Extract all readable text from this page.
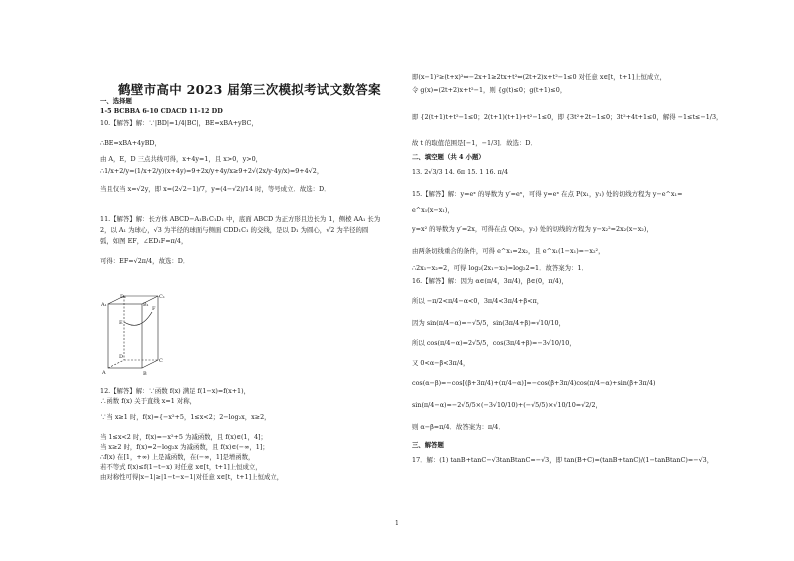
鹤壁市高中 2023 届第三次模拟考试文数答案
一、选择题
1-5 BCBBA 6-10 CDACD 11-12 DD
10.【解答】解：∵|BD|=1/4|BC|，BE=xBA+yBC，
∴BE=xBA+4yBD，
由 A，E，D 三点共线可得，x+4y=1，且 x>0，y>0，
∴1/x+2/y=(1/x+2/y)(x+4y)=9+2x/y+4y/x≥9+2√(2x/y·4y/x)=9+4√2，
当且仅当 x=√2y，即 x=(2√2−1)/7，y=(4−√2)/14 时，等号成立．故选：D．
11.【解答】解：长方体 ABCD−A₁B₁C₁D₁ 中，底面 ABCD 为正方形且边长为 1，侧棱 AA₁ 长为
2，以 A₁ 为球心，√3 为半径的球面与侧面 CDD₁C₁ 的交线，是以 D₁ 为圆心，√2 为半径的圆
弧，如图 EF，∠ED₁F=π/4，
可得：EF=√2π/4，故选：D．
12.【解答】解：∵函数 f(x) 满足 f(1−x)=f(x+1)，
∴函数 f(x) 关于直线 x=1 对称，
∵当 x≥1 时，f(x)={−x²+5，1≤x<2；2−log₂x，x≥2，
当 1≤x<2 时，f(x)=−x²+5 为减函数，且 f(x)∈(1，4]；
当 x≥2 时，f(x)=2−log₂x 为减函数，且 f(x)∈(−∞，1]；
∴f(x) 在[1，+∞) 上是减函数，在(−∞，1]是增函数，
若不等式 f(x)≤f(1−t−x) 对任意 x∈[t，t+1]上恒成立，
由对称性可得|x−1|≥|1−t−x−1|对任意 x∈[t，t+1]上恒成立，
即(x−1)²≥(t+x)²⇔−2x+1≥2tx+t²⇔(2t+2)x+t²−1≤0 对任意 x∈[t，t+1]上恒成立，
令 g(x)=(2t+2)x+t²−1，则 {g(t)≤0；g(t+1)≤0，
即 {2(t+1)t+t²−1≤0；2(t+1)(t+1)+t²−1≤0，即 {3t²+2t−1≤0；3t²+4t+1≤0，解得 −1≤t≤−1/3，
故 t 的取值范围是[−1，−1/3]．故选：D．
二、填空题（共 4 小题）
13. 2√3/3 14. 6π 15. 1 16. π/4
15.【解答】解：y=eˣ 的导数为 y′=eˣ，可得 y=eˣ 在点 P(x₁，y₁) 处的切线方程为 y−e^x₁=
e^x₁(x−x₁)，
y=x² 的导数为 y′=2x，可得在点 Q(x₂，y₂) 处的切线的方程为 y−x₂²=2x₂(x−x₂)，
由两条切线重合的条件，可得 e^x₁=2x₂，且 e^x₁(1−x₁)=−x₂²，
∴2x₁−x₂=2，可得 log₂(2x₁−x₂)=log₂2=1．故答案为：1．
16.【解答】解：因为 α∈(π/4，3π/4)，β∈(0，π/4)，
所以 −π/2<π/4−α<0，3π/4<3π/4+β<π，
因为 sin(π/4−α)=−√5/5，sin(3π/4+β)=√10/10，
所以 cos(π/4−α)=2√5/5，cos(3π/4+β)=−3√10/10，
又 0<α−β<3π/4，
cos(α−β)=−cos[(β+3π/4)+(π/4−α)]=−cos(β+3π/4)cos(π/4−α)+sin(β+3π/4)
sin(π/4−α)=−2√5/5×(−3√10/10)+(−√5/5)×√10/10=√2/2，
则 α−β=π/4．故答案为：π/4．
三、解答题
17．解：(1) tanB+tanC−√3tanBtanC=−√3，即 tan(B+C)=(tanB+tanC)/(1−tanBtanC)=−√3，
D₁	C₁
A₁	B₁
E
F
D
C
A	B
1
